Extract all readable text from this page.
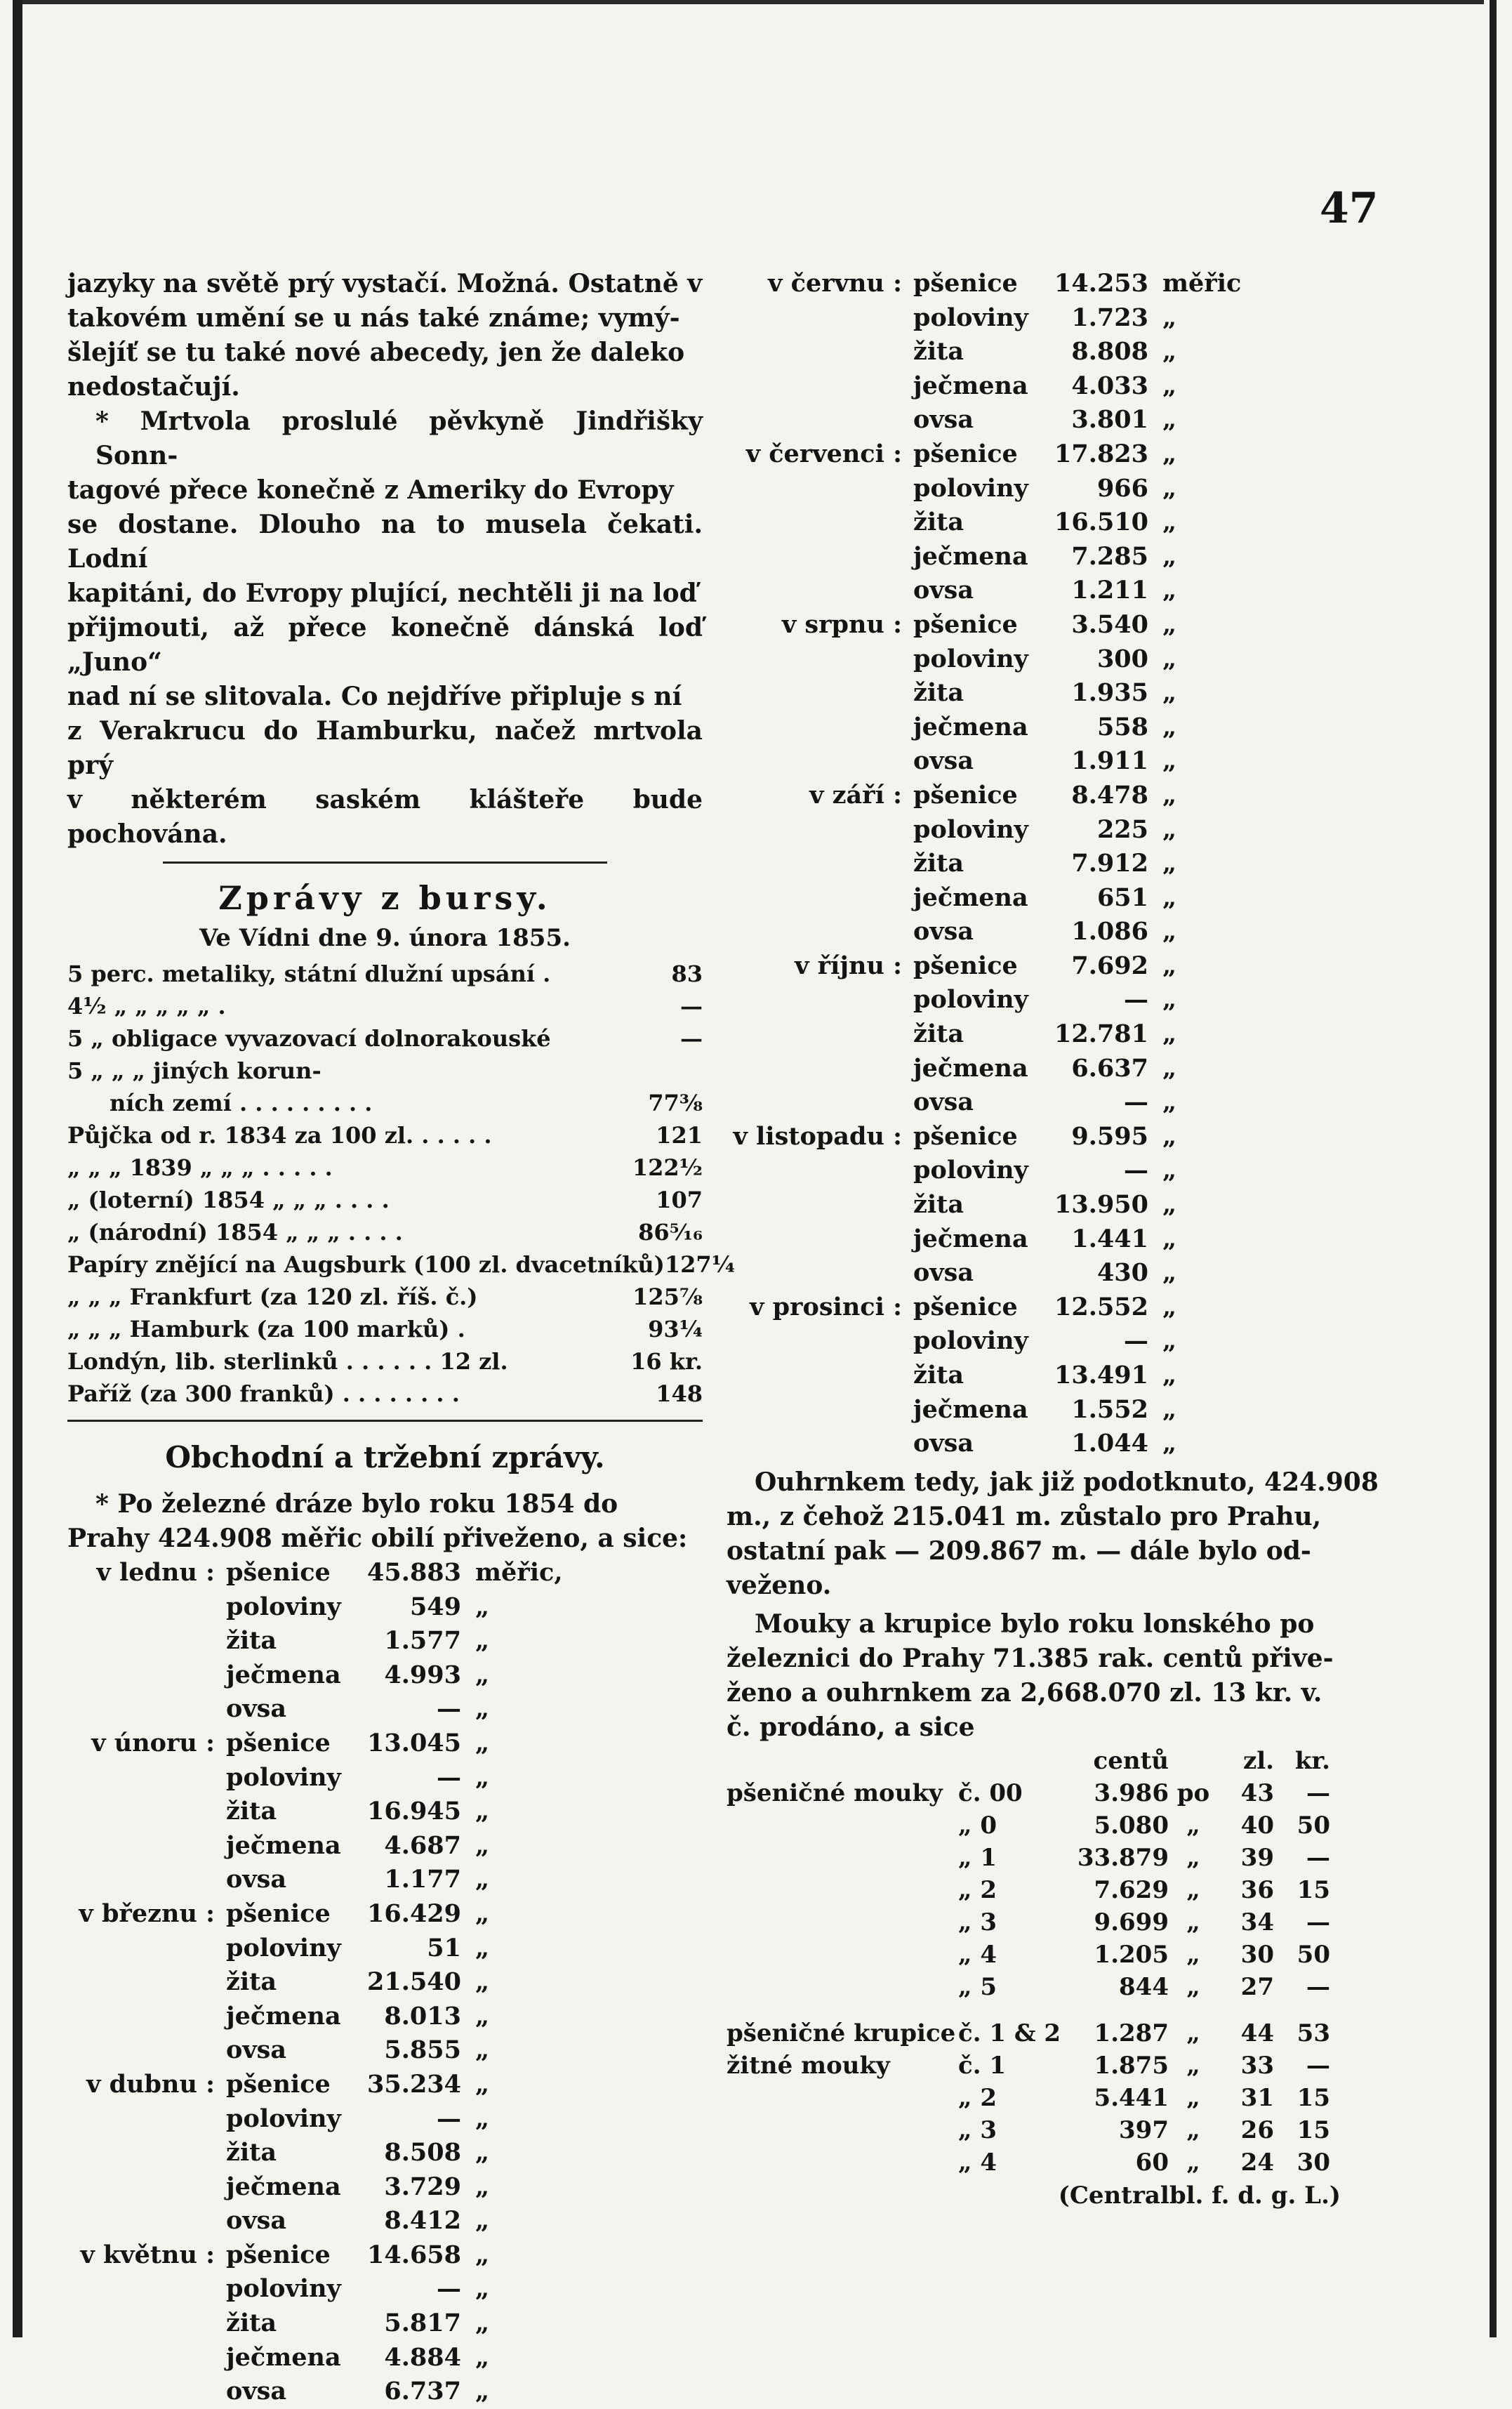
47

jazyky na světě prý vystačí. Možná. Ostatně v
takovém umění se u nás také známe; vymý-
šlejíť se tu také nové abecedy, jen že daleko
nedostačují.

* Mrtvola proslulé pěvkyně Jindřišky Sonn-
tagové přece konečně z Ameriky do Evropy
se dostane. Dlouho na to musela čekati. Lodní
kapitáni, do Evropy plující, nechtěli ji na loď
přijmouti, až přece konečně dánská loď „Juno“
nad ní se slitovala. Co nejdříve připluje s ní
z Verakrucu do Hamburku, načež mrtvola prý
v některém saském klášteře bude pochována.

Zprávy z bursy.
Ve Vídni dne 9. února 1855.
5 perc. metaliky, státní dlužní upsání .	83
4½ „ „ „ „ „ .	—
5 „ obligace vyvazovací dolnorakouské	—
5 „ „ „ jiných korun-
ních zemí . . . . . . . . .	77⅜
Půjčka od r. 1834 za 100 zl. . . . . .	121
„ „ „ 1839 „ „ „ . . . . .	122½
„ (loterní) 1854 „ „ „ . . . .	107
„ (národní) 1854 „ „ „ . . . .	86⁵⁄₁₆
Papíry znějící na Augsburk (100 zl. dvacetníků) 127¼
„ „ „ Frankfurt (za 120 zl. říš. č.)	125⅞
„ „ „ Hamburk (za 100 marků) .	93¼
Londýn, lib. sterlinků . . . . . . 12 zl.	16 kr.
Paříž (za 300 franků) . . . . . . . .	148
Obchodní a tržební zprávy.

* Po železné dráze bylo roku 1854 do
Prahy 424.908 měřic obilí přiveženo, a sice:

v lednu : pšenice	45.883 měřic,
poloviny	549 „
žita	1.577 „
ječmena	4.993 „
ovsa	— „
v únoru : pšenice	13.045 „
poloviny	— „
žita	16.945 „
ječmena	4.687 „
ovsa	1.177 „
v březnu : pšenice	16.429 „
poloviny	51 „
žita	21.540 „
ječmena	8.013 „
ovsa	5.855 „
v dubnu : pšenice	35.234 „
poloviny	— „
žita	8.508 „
ječmena	3.729 „
ovsa	8.412 „
v květnu : pšenice	14.658 „
poloviny	— „
žita	5.817 „
ječmena	4.884 „
ovsa	6.737 „
v červnu : pšenice	14.253 měřic
poloviny	1.723 „
žita	8.808 „
ječmena	4.033 „
ovsa	3.801 „
v červenci : pšenice	17.823 „
poloviny	966 „
žita	16.510 „
ječmena	7.285 „
ovsa	1.211 „
v srpnu : pšenice	3.540 „
poloviny	300 „
žita	1.935 „
ječmena	558 „
ovsa	1.911 „
v září : pšenice	8.478 „
poloviny	225 „
žita	7.912 „
ječmena	651 „
ovsa	1.086 „
v říjnu : pšenice	7.692 „
poloviny	— „
žita	12.781 „
ječmena	6.637 „
ovsa	— „
v listopadu : pšenice	9.595 „
poloviny	— „
žita	13.950 „
ječmena	1.441 „
ovsa	430 „
v prosinci : pšenice	12.552 „
poloviny	— „
žita	13.491 „
ječmena	1.552 „
ovsa	1.044 „

Ouhrnkem tedy, jak již podotknuto, 424.908
m., z čehož 215.041 m. zůstalo pro Prahu,
ostatní pak — 209.867 m. — dále bylo od-
veženo.

Mouky a krupice bylo roku lonského po
železnici do Prahy 71.385 rak. centů přive-
ženo a ouhrnkem za 2,668.070 zl. 13 kr. v.
č. prodáno, a sice

centů	zl. kr.
pšeničné mouky č. 00	3.986 po	43	—
„ 0	5.080 „	40 50
„ 1	33.879 „	39	—
„ 2	7.629 „	36 15
„ 3	9.699 „	34	—
„ 4	1.205 „	30 50
„ 5	844 „	27	—
pšeničné krupice č. 1 & 2	1.287 „	44 53
žitné mouky	č. 1	1.875 „	33	—
„ 2	5.441 „	31 15
„ 3	397 „	26 15
„ 4	60 „	24 30
(Centralbl. f. d. g. L.)
